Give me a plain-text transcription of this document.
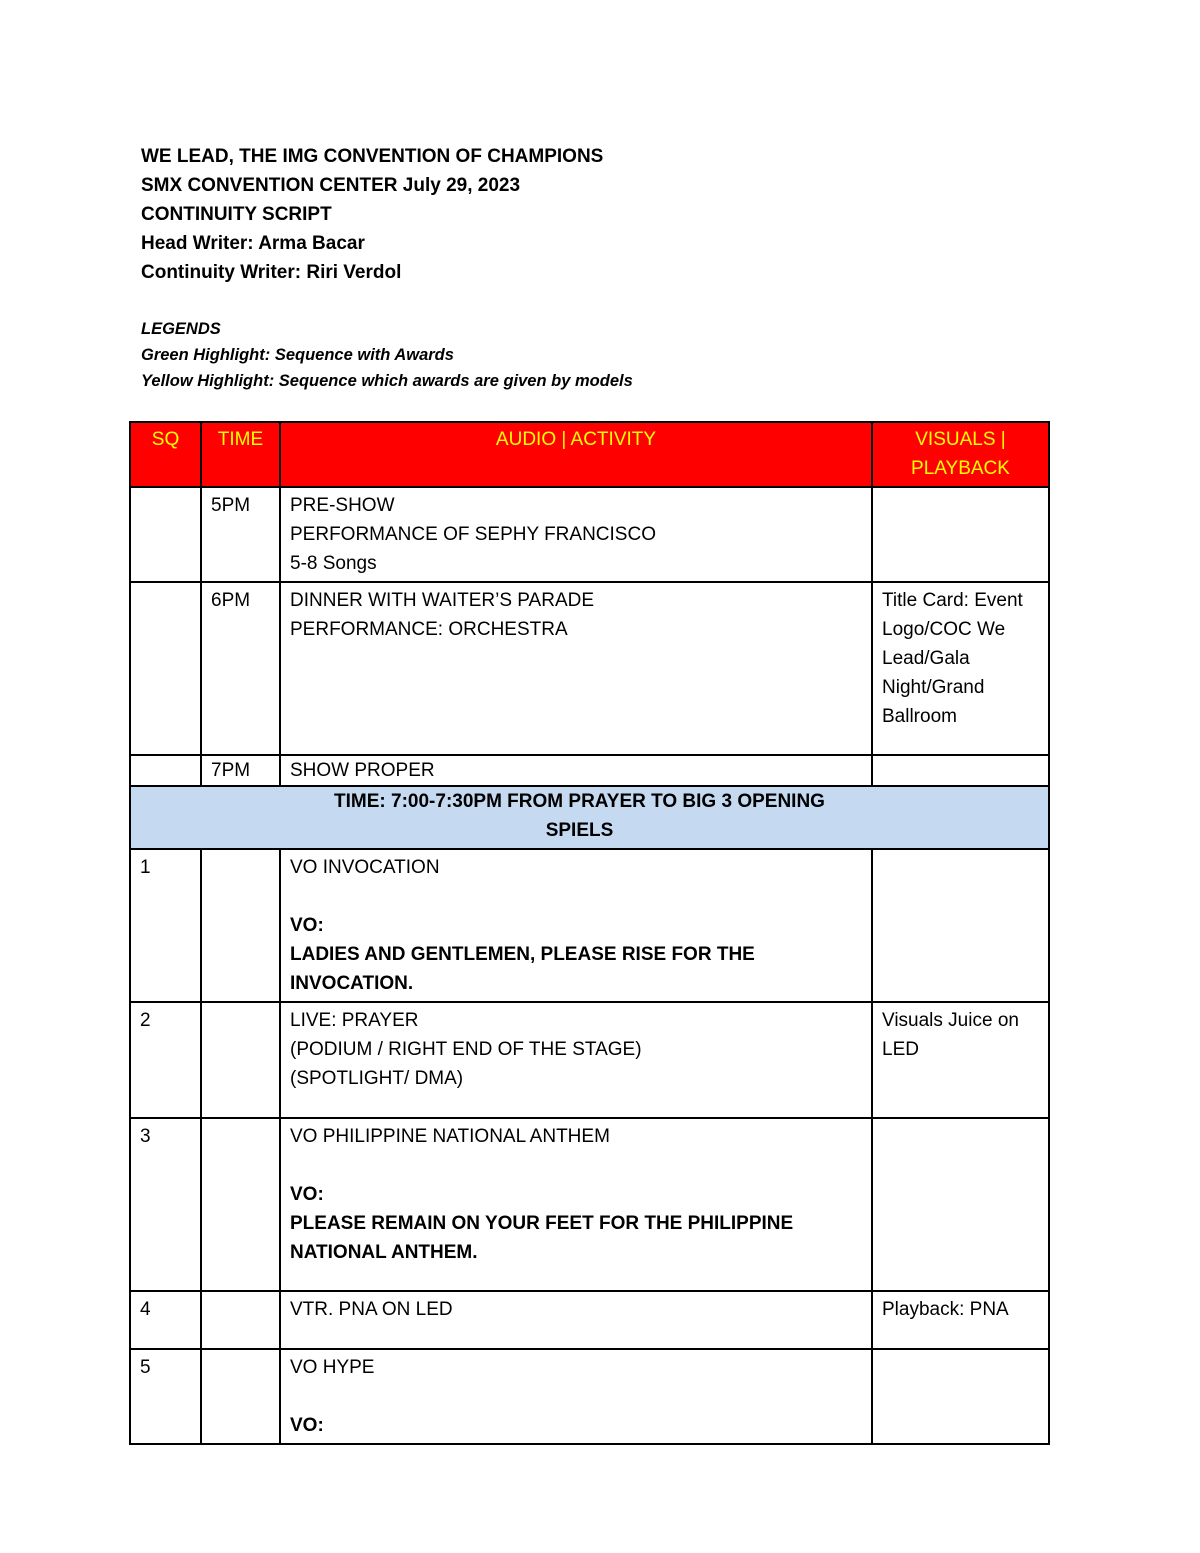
WE LEAD, THE IMG CONVENTION OF CHAMPIONS
SMX CONVENTION CENTER July 29, 2023
CONTINUITY SCRIPT
Head Writer: Arma Bacar
Continuity Writer: Riri Verdol
LEGENDS
Green Highlight: Sequence with Awards
Yellow Highlight: Sequence which awards are given by models
SQ	TIME	AUDIO | ACTIVITY	VISUALS | PLAYBACK
	5PM	PRE-SHOW
PERFORMANCE OF SEPHY FRANCISCO
5-8 Songs	

	6PM	DINNER WITH WAITER’S PARADE
PERFORMANCE: ORCHESTRA	Title Card: Event Logo/COC We Lead/Gala Night/Grand Ballroom
	7PM	SHOW PROPER	

TIME: 7:00-7:30PM FROM PRAYER TO BIG 3 OPENING SPIELS			
1		VO INVOCATION
VO:
LADIES AND GENTLEMEN, PLEASE RISE FOR THE INVOCATION.	

2		LIVE: PRAYER
(PODIUM / RIGHT END OF THE STAGE)
(SPOTLIGHT/ DMA)	Visuals Juice on LED
3		VO PHILIPPINE NATIONAL ANTHEM
VO:
PLEASE REMAIN ON YOUR FEET FOR THE PHILIPPINE NATIONAL ANTHEM.	

4		VTR. PNA ON LED	Playback: PNA
5		VO HYPE
VO:	
